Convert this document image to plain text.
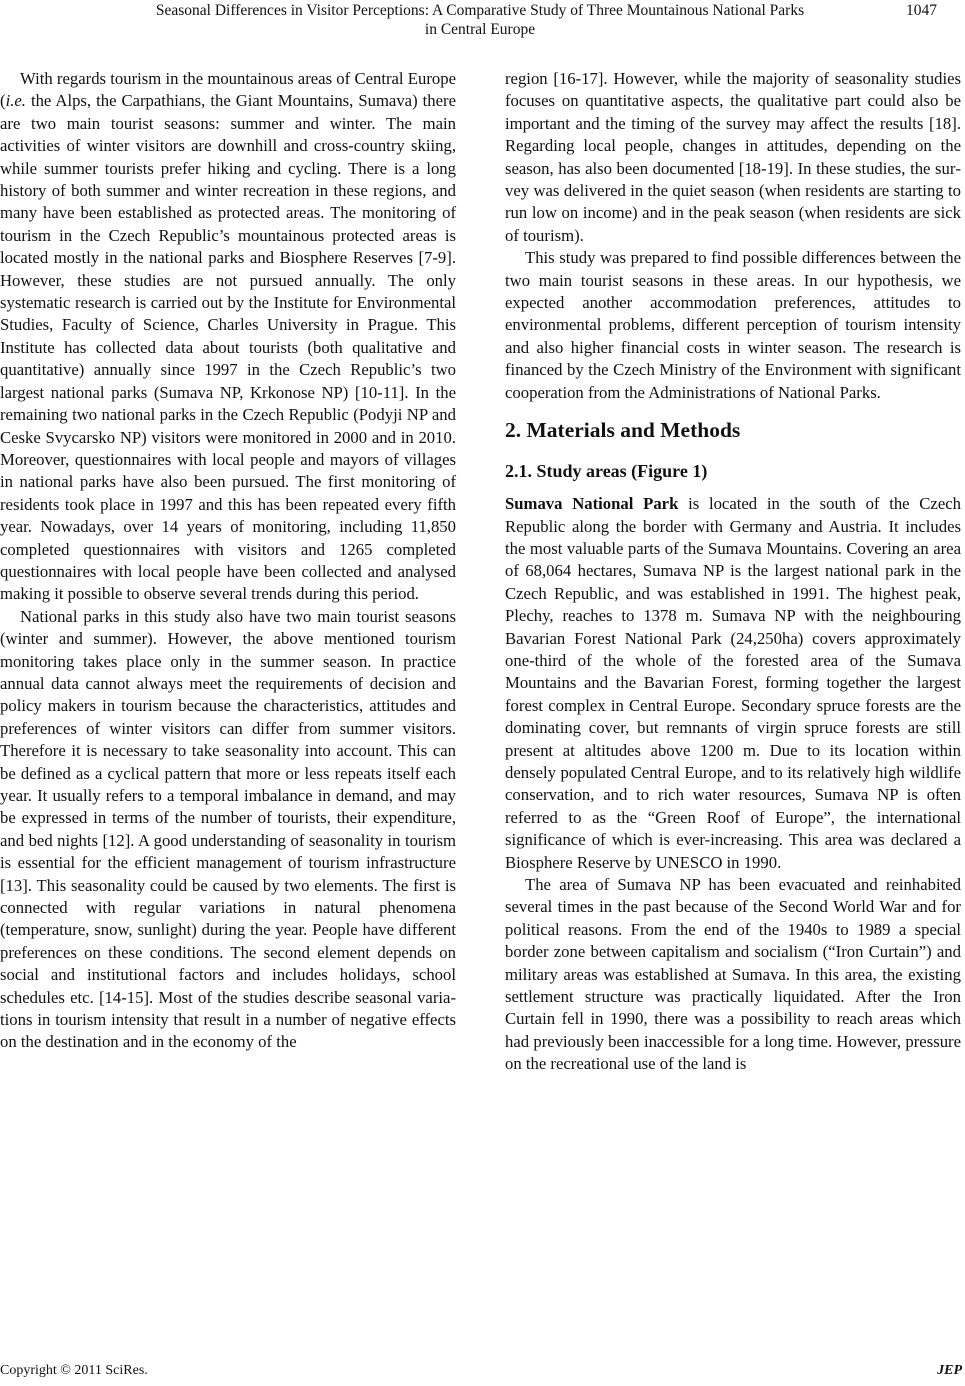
Seasonal Differences in Visitor Perceptions: A Comparative Study of Three Mountainous National Parks
in Central Europe
1047

With regards tourism in the mountainous areas of Central Europe (i.e. the Alps, the Carpathians, the Giant Mountains, Sumava) there are two main tourist seasons: summer and winter. The main activities of winter visitors are downhill and cross-country skiing, while summer tourists prefer hiking and cycling. There is a long history of both summer and winter recreation in these regions, and many have been established as protected areas. The monitoring of tourism in the Czech Republic’s mountainous protected areas is located mostly in the national parks and Biosphere Reserves [7-9]. However, these studies are not pursued annually. The only systematic research is carried out by the Institute for Environmental Studies, Faculty of Science, Charles University in Prague. This Institute has collected data about tourists (both qualitative and quantitative) annually since 1997 in the Czech Republic’s two largest national parks (Sumava NP, Krkonose NP) [10-11]. In the remaining two national parks in the Czech Republic (Podyji NP and Ceske Svycarsko NP) visitors were monitored in 2000 and in 2010. Moreover, questionnaires with local people and mayors of villages in national parks have also been pursued. The first monitoring of residents took place in 1997 and this has been repeated every fifth year. Nowadays, over 14 years of monitoring, including 11,850 completed questionnaires with visitors and 1265 completed questionnaires with local people have been collected and analysed making it possible to observe several trends during this period.

National parks in this study also have two main tourist seasons (winter and summer). However, the above mentioned tourism monitoring takes place only in the summer season. In practice annual data cannot always meet the requirements of decision and policy makers in tourism because the characteristics, attitudes and preferences of winter visitors can differ from summer visitors. Therefore it is necessary to take seasonality into account. This can be defined as a cyclical pattern that more or less repeats itself each year. It usually refers to a temporal imbalance in demand, and may be expressed in terms of the number of tourists, their expenditure, and bed nights [12]. A good understanding of seasonality in tourism is essential for the efficient management of tourism infrastructure [13]. This seasonality could be caused by two elements. The first is connected with regular variations in natural phenomena (temperature, snow, sunlight) during the year. People have different preferences on these conditions. The second element depends on social and institutional factors and includes holidays, school schedules etc. [14-15]. Most of the studies describe seasonal variations in tourism intensity that result in a number of negative effects on the destination and in the economy of the

region [16-17]. However, while the majority of seasonality studies focuses on quantitative aspects, the qualitative part could also be important and the timing of the survey may affect the results [18]. Regarding local people, changes in attitudes, depending on the season, has also been documented [18-19]. In these studies, the survey was delivered in the quiet season (when residents are starting to run low on income) and in the peak season (when residents are sick of tourism).

This study was prepared to find possible differences between the two main tourist seasons in these areas. In our hypothesis, we expected another accommodation preferences, attitudes to environmental problems, different perception of tourism intensity and also higher financial costs in winter season. The research is financed by the Czech Ministry of the Environment with significant cooperation from the Administrations of National Parks.

2. Materials and Methods
2.1. Study areas (Figure 1)

Sumava National Park is located in the south of the Czech Republic along the border with Germany and Austria. It includes the most valuable parts of the Sumava Mountains. Covering an area of 68,064 hectares, Sumava NP is the largest national park in the Czech Republic, and was established in 1991. The highest peak, Plechy, reaches to 1378 m. Sumava NP with the neighbouring Bavarian Forest National Park (24,250ha) covers approximately one-third of the whole of the forested area of the Sumava Mountains and the Bavarian Forest, forming together the largest forest complex in Central Europe. Secondary spruce forests are the dominating cover, but remnants of virgin spruce forests are still present at altitudes above 1200 m. Due to its location within densely populated Central Europe, and to its relatively high wildlife conservation, and to rich water resources, Sumava NP is often referred to as the “Green Roof of Europe”, the international significance of which is ever-increasing. This area was declared a Biosphere Reserve by UNESCO in 1990.

The area of Sumava NP has been evacuated and reinhabited several times in the past because of the Second World War and for political reasons. From the end of the 1940s to 1989 a special border zone between capitalism and socialism (“Iron Curtain”) and military areas was established at Sumava. In this area, the existing settlement structure was practically liquidated. After the Iron Curtain fell in 1990, there was a possibility to reach areas which had previously been inaccessible for a long time. However, pressure on the recreational use of the land is

Copyright © 2011 SciRes.	JEP
